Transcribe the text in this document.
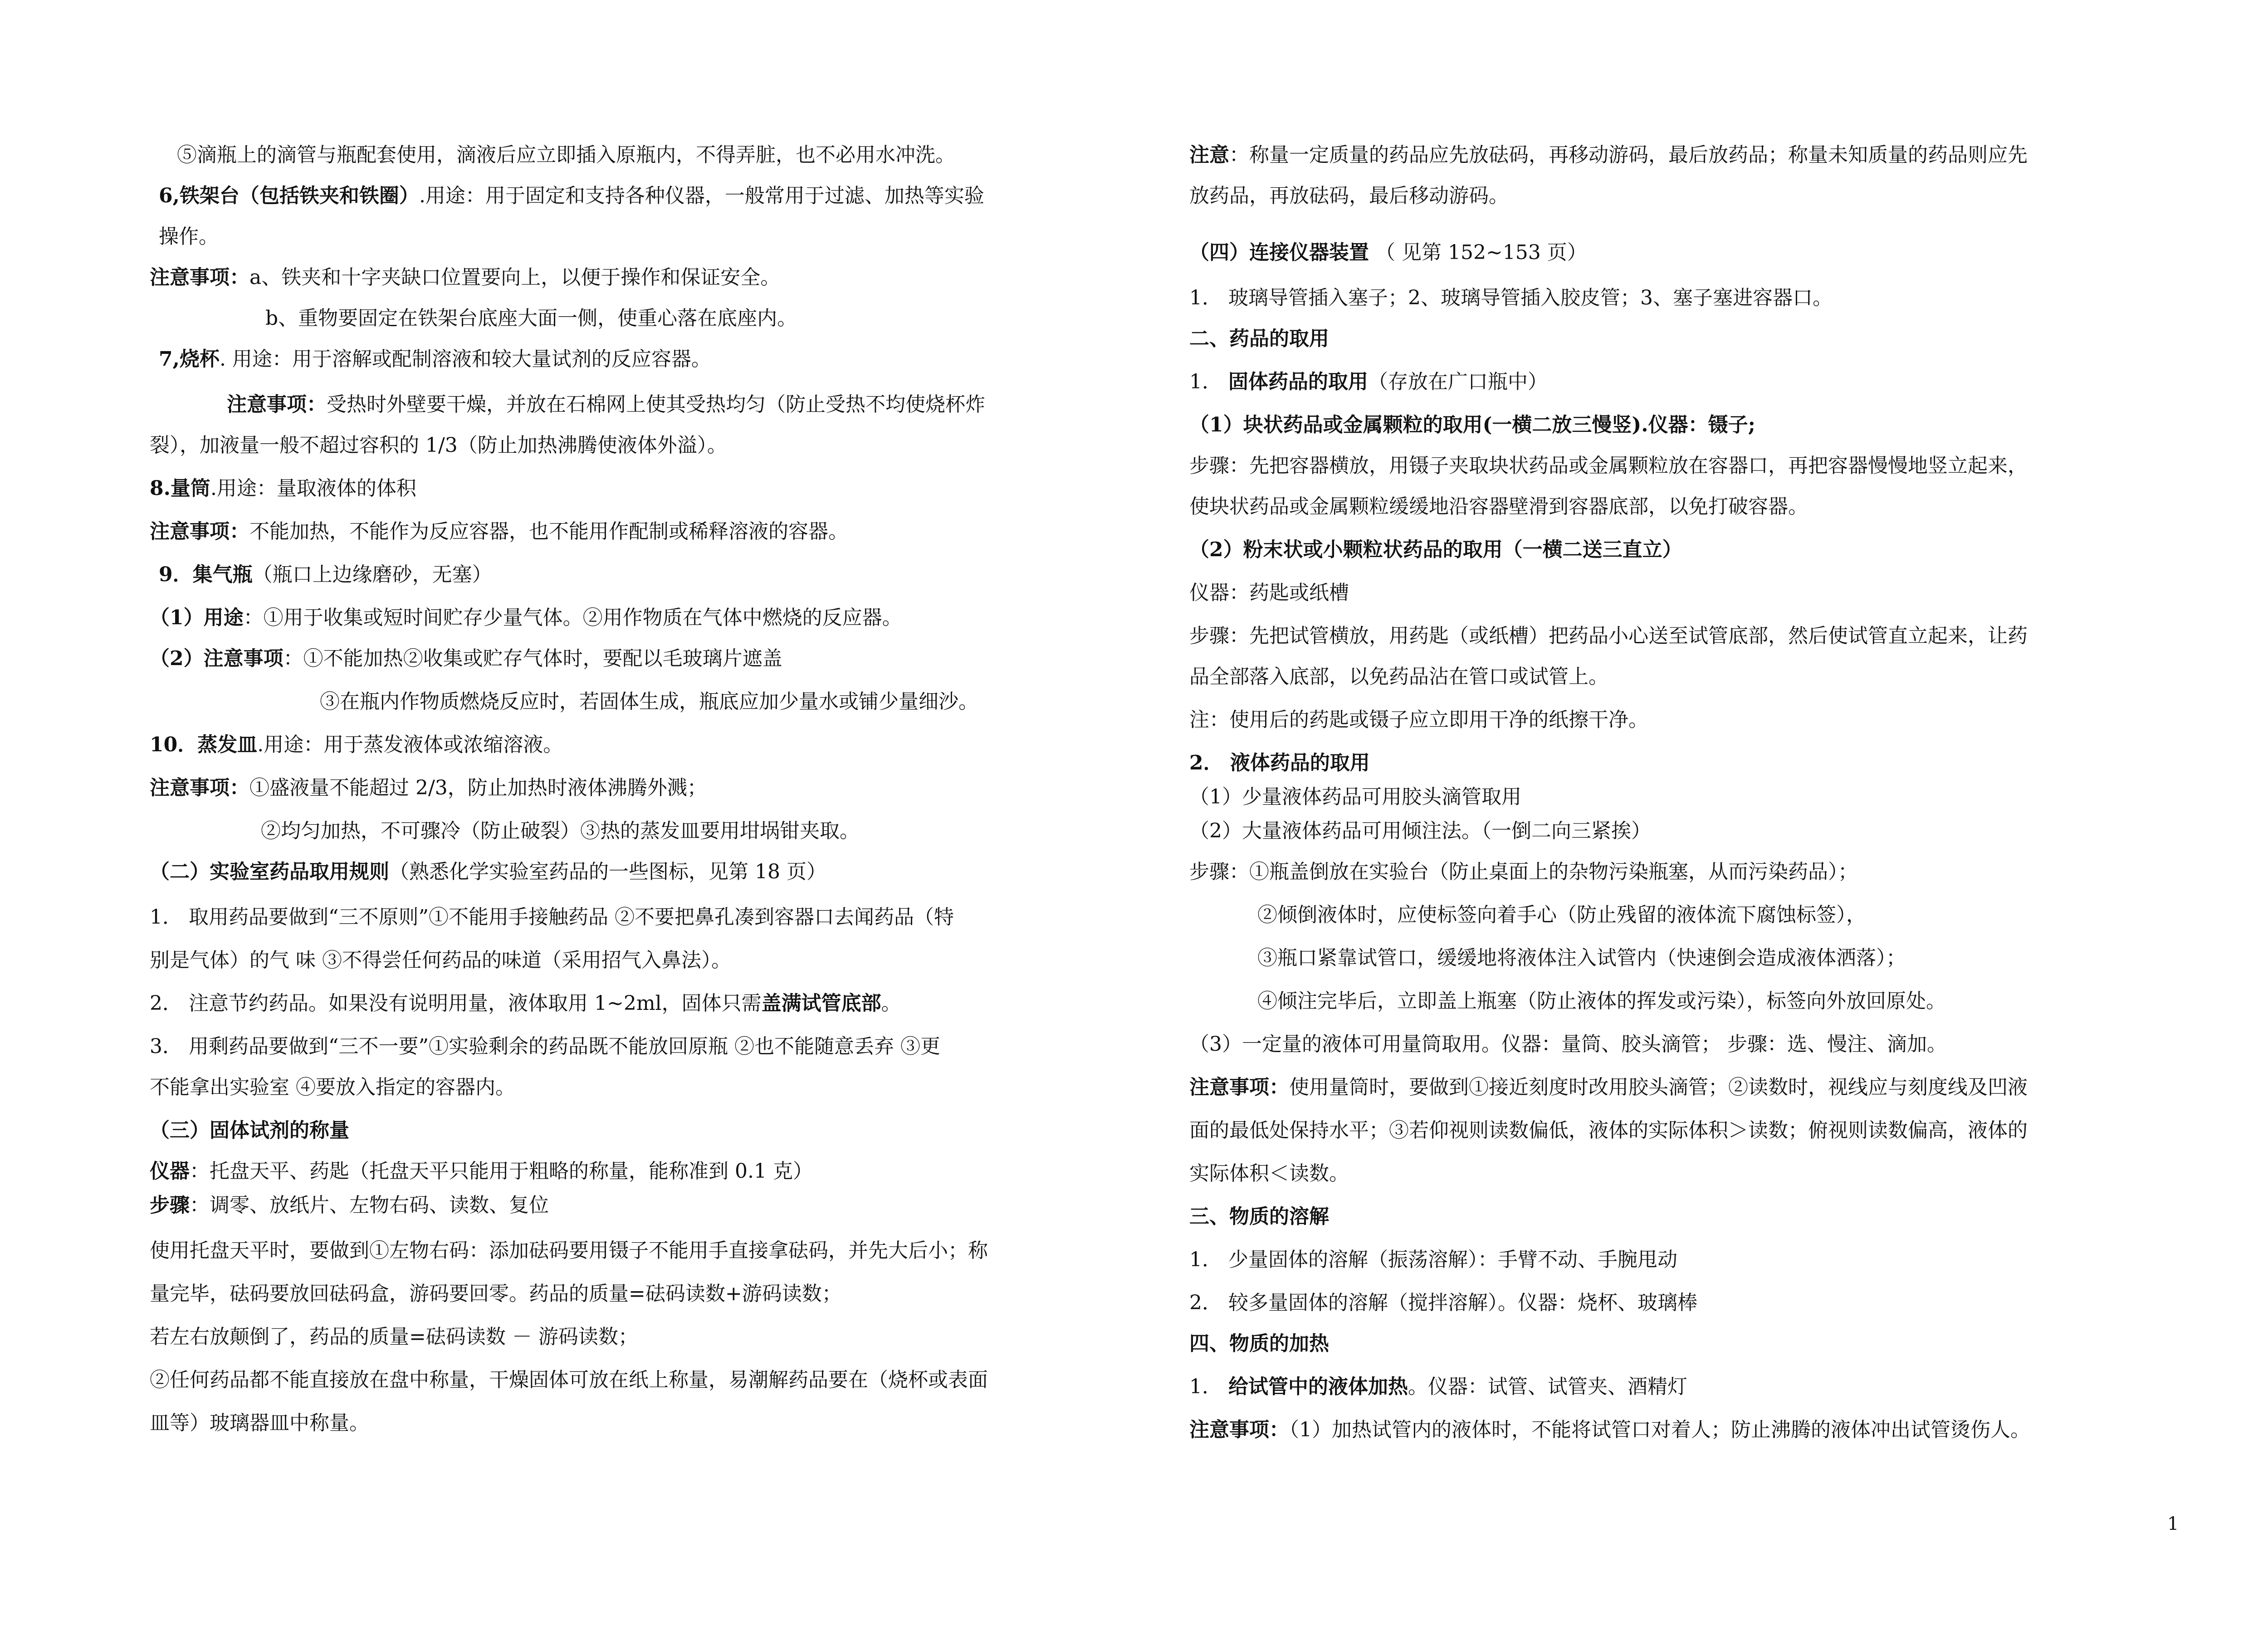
⑤滴瓶上的滴管与瓶配套使用，滴液后应立即插入原瓶内，不得弄脏，也不必用水冲洗。
6,铁架台（包括铁夹和铁圈）.用途：用于固定和支持各种仪器，一般常用于过滤、加热等实验
操作。
注意事项：a、铁夹和十字夹缺口位置要向上，以便于操作和保证安全。
b、重物要固定在铁架台底座大面一侧，使重心落在底座内。
7,烧杯. 用途：用于溶解或配制溶液和较大量试剂的反应容器。
注意事项：受热时外壁要干燥，并放在石棉网上使其受热均匀（防止受热不均使烧杯炸
裂），加液量一般不超过容积的 1/3（防止加热沸腾使液体外溢）。
8.量筒.用途：量取液体的体积
注意事项：不能加热，不能作为反应容器，也不能用作配制或稀释溶液的容器。
9．集气瓶（瓶口上边缘磨砂，无塞）
（1）用途：①用于收集或短时间贮存少量气体。②用作物质在气体中燃烧的反应器。
（2）注意事项：①不能加热②收集或贮存气体时，要配以毛玻璃片遮盖
③在瓶内作物质燃烧反应时，若固体生成，瓶底应加少量水或铺少量细沙。
10．蒸发皿.用途：用于蒸发液体或浓缩溶液。
注意事项：①盛液量不能超过 2/3，防止加热时液体沸腾外溅；
②均匀加热，不可骤冷（防止破裂）③热的蒸发皿要用坩埚钳夹取。
（二）实验室药品取用规则（熟悉化学实验室药品的一些图标，见第 18 页）
1． 取用药品要做到“三不原则”①不能用手接触药品 ②不要把鼻孔凑到容器口去闻药品（特
别是气体）的气 味 ③不得尝任何药品的味道（采用招气入鼻法）。
2． 注意节约药品。如果没有说明用量，液体取用 1~2ml，固体只需盖满试管底部。
3． 用剩药品要做到“三不一要”①实验剩余的药品既不能放回原瓶 ②也不能随意丢弃 ③更
不能拿出实验室 ④要放入指定的容器内。
（三）固体试剂的称量
仪器：托盘天平、药匙（托盘天平只能用于粗略的称量，能称准到 0.1 克）
步骤：调零、放纸片、左物右码、读数、复位
使用托盘天平时，要做到①左物右码：添加砝码要用镊子不能用手直接拿砝码，并先大后小；称
量完毕，砝码要放回砝码盒，游码要回零。药品的质量=砝码读数+游码读数；
若左右放颠倒了，药品的质量=砝码读数 － 游码读数；
②任何药品都不能直接放在盘中称量，干燥固体可放在纸上称量，易潮解药品要在（烧杯或表面
皿等）玻璃器皿中称量。
注意：称量一定质量的药品应先放砝码，再移动游码，最后放药品；称量未知质量的药品则应先
放药品，再放砝码，最后移动游码。
（四）连接仪器装置 （ 见第 152~153 页）
1． 玻璃导管插入塞子；2、玻璃导管插入胶皮管；3、塞子塞进容器口。
二、药品的取用
1． 固体药品的取用（存放在广口瓶中）
（1）块状药品或金属颗粒的取用(一横二放三慢竖).仪器：镊子;
步骤：先把容器横放，用镊子夹取块状药品或金属颗粒放在容器口，再把容器慢慢地竖立起来，
使块状药品或金属颗粒缓缓地沿容器壁滑到容器底部，以免打破容器。
（2）粉末状或小颗粒状药品的取用（一横二送三直立）
仪器：药匙或纸槽
步骤：先把试管横放，用药匙（或纸槽）把药品小心送至试管底部，然后使试管直立起来，让药
品全部落入底部，以免药品沾在管口或试管上。
注：使用后的药匙或镊子应立即用干净的纸擦干净。
2． 液体药品的取用
（1）少量液体药品可用胶头滴管取用
（2）大量液体药品可用倾注法。（一倒二向三紧挨）
步骤：①瓶盖倒放在实验台（防止桌面上的杂物污染瓶塞，从而污染药品）；
②倾倒液体时，应使标签向着手心（防止残留的液体流下腐蚀标签），
③瓶口紧靠试管口，缓缓地将液体注入试管内（快速倒会造成液体洒落）；
④倾注完毕后，立即盖上瓶塞（防止液体的挥发或污染），标签向外放回原处。
（3）一定量的液体可用量筒取用。仪器：量筒、胶头滴管； 步骤：选、慢注、滴加。
注意事项：使用量筒时，要做到①接近刻度时改用胶头滴管；②读数时，视线应与刻度线及凹液
面的最低处保持水平；③若仰视则读数偏低，液体的实际体积＞读数；俯视则读数偏高，液体的
实际体积＜读数。
三、物质的溶解
1． 少量固体的溶解（振荡溶解）：手臂不动、手腕甩动
2． 较多量固体的溶解（搅拌溶解）。仪器：烧杯、玻璃棒
四、物质的加热
1． 给试管中的液体加热。仪器：试管、试管夹、酒精灯
注意事项：（1）加热试管内的液体时，不能将试管口对着人；防止沸腾的液体冲出试管烫伤人。
1
